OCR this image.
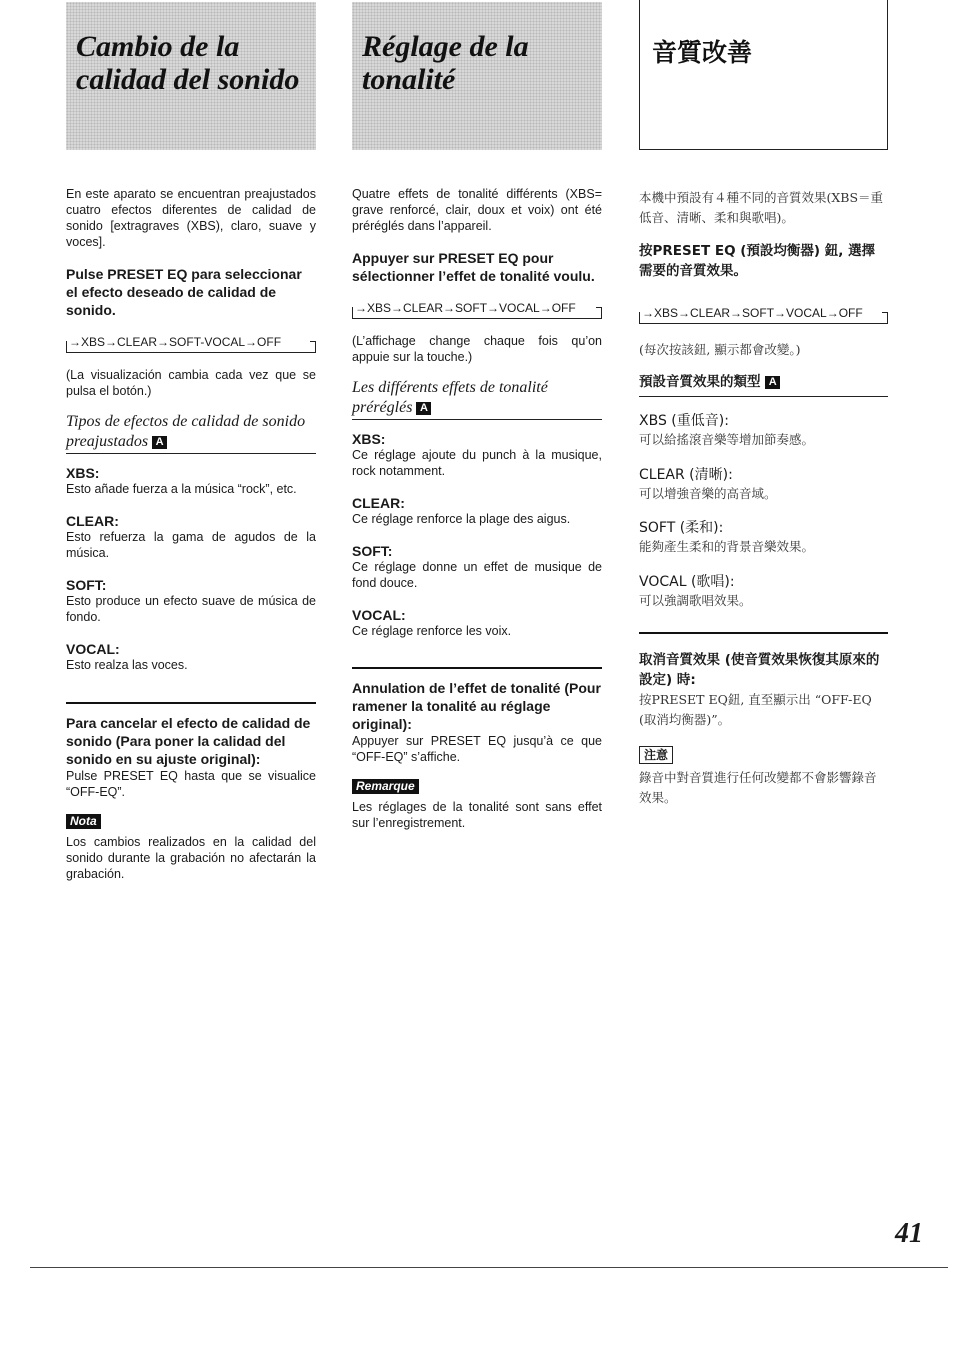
Cambio de la calidad del sonido

En este aparato se encuentran preajustados cuatro efectos diferentes de calidad de sonido [extragraves (XBS), claro, suave y voces].

Pulse PRESET EQ para seleccionar el efecto deseado de calidad de sonido.

→XBS→CLEAR→SOFT-VOCAL→OFF

(La visualización cambia cada vez que se pulsa el botón.)

Tipos de efectos de calidad de sonido preajustados A

XBS:

Esto añade fuerza a la música “rock”, etc.

CLEAR:

Esto refuerza la gama de agudos de la música.

SOFT:

Esto produce un efecto suave de música de fondo.

VOCAL:

Esto realza las voces.

Para cancelar el efecto de calidad de sonido (Para poner la calidad del sonido en su ajuste original):

Pulse PRESET EQ hasta que se visualice “OFF-EQ”.

Nota

Los cambios realizados en la calidad del sonido durante la grabación no afectarán la grabación.

Réglage de la tonalité

Quatre effets de tonalité différents (XBS= grave renforcé, clair, doux et voix) ont été préréglés dans l’appareil.

Appuyer sur PRESET EQ pour sélectionner l’effet de tonalité voulu.

→XBS→CLEAR→SOFT→VOCAL→OFF

(L’affichage change chaque fois qu’on appuie sur la touche.)

Les différents effets de tonalité préréglés A

XBS:

Ce réglage ajoute du punch à la musique, rock notamment.

CLEAR:

Ce réglage renforce la plage des aigus.

SOFT:

Ce réglage donne un effet de musique de fond douce.

VOCAL:

Ce réglage renforce les voix.

Annulation de l’effet de tonalité (Pour ramener la tonalité au réglage original):

Appuyer sur PRESET EQ jusqu’à ce que “OFF-EQ” s’affiche.

Remarque

Les réglages de la tonalité sont sans effet sur l’enregistrement.

音質改善

本機中預設有４種不同的音質效果(XBS＝重低音、清晰、柔和與歌唱)。

按PRESET EQ (預設均衡器) 鈕, 選擇需要的音質效果。

→XBS→CLEAR→SOFT→VOCAL→OFF

(每次按該鈕, 顯示都會改變。)

預設音質效果的類型 A

XBS (重低音):

可以給搖滾音樂等增加節奏感。

CLEAR (清晰):

可以增強音樂的高音域。

SOFT (柔和):

能夠產生柔和的背景音樂效果。

VOCAL (歌唱):

可以強調歌唱效果。

取消音質效果 (使音質效果恢復其原來的設定) 時:

按PRESET EQ鈕, 直至顯示出 “OFF-EQ (取消均衡器)”。

注意

錄音中對音質進行任何改變都不會影響錄音效果。

41
